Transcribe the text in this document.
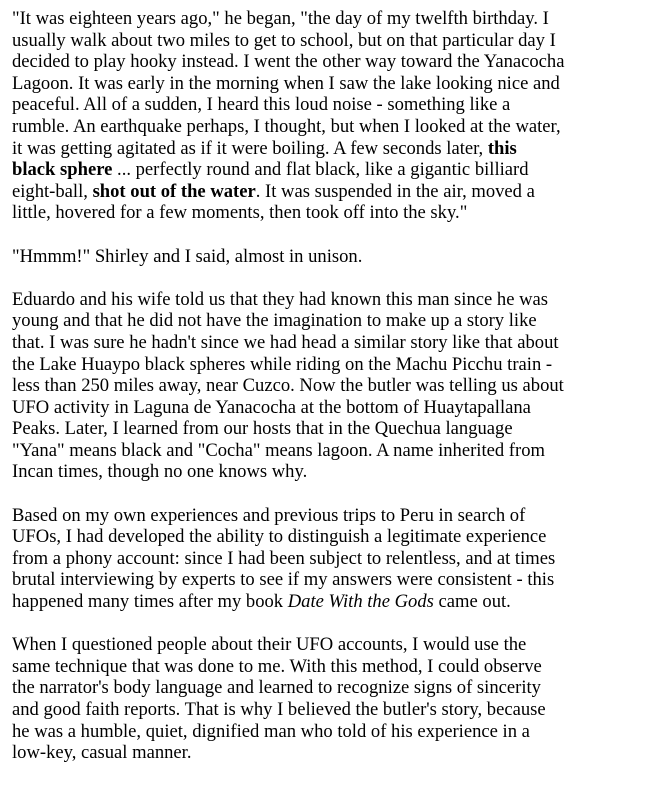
"It was eighteen years ago," he began, "the day of my twelfth birthday. I
usually walk about two miles to get to school, but on that particular day I
decided to play hooky instead. I went the other way toward the Yanacocha
Lagoon. It was early in the morning when I saw the lake looking nice and
peaceful. All of a sudden, I heard this loud noise - something like a
rumble. An earthquake perhaps, I thought, but when I looked at the water,
it was getting agitated as if it were boiling. A few seconds later, this
black sphere ... perfectly round and flat black, like a gigantic billiard
eight-ball, shot out of the water. It was suspended in the air, moved a
little, hovered for a few moments, then took off into the sky."

"Hmmm!" Shirley and I said, almost in unison.

Eduardo and his wife told us that they had known this man since he was
young and that he did not have the imagination to make up a story like
that. I was sure he hadn't since we had head a similar story like that about
the Lake Huaypo black spheres while riding on the Machu Picchu train -
less than 250 miles away, near Cuzco. Now the butler was telling us about
UFO activity in Laguna de Yanacocha at the bottom of Huaytapallana
Peaks. Later, I learned from our hosts that in the Quechua language
"Yana" means black and "Cocha" means lagoon. A name inherited from
Incan times, though no one knows why.

Based on my own experiences and previous trips to Peru in search of
UFOs, I had developed the ability to distinguish a legitimate experience
from a phony account: since I had been subject to relentless, and at times
brutal interviewing by experts to see if my answers were consistent - this
happened many times after my book Date With the Gods came out.

When I questioned people about their UFO accounts, I would use the
same technique that was done to me. With this method, I could observe
the narrator's body language and learned to recognize signs of sincerity
and good faith reports. That is why I believed the butler's story, because
he was a humble, quiet, dignified man who told of his experience in a
low-key, casual manner.
